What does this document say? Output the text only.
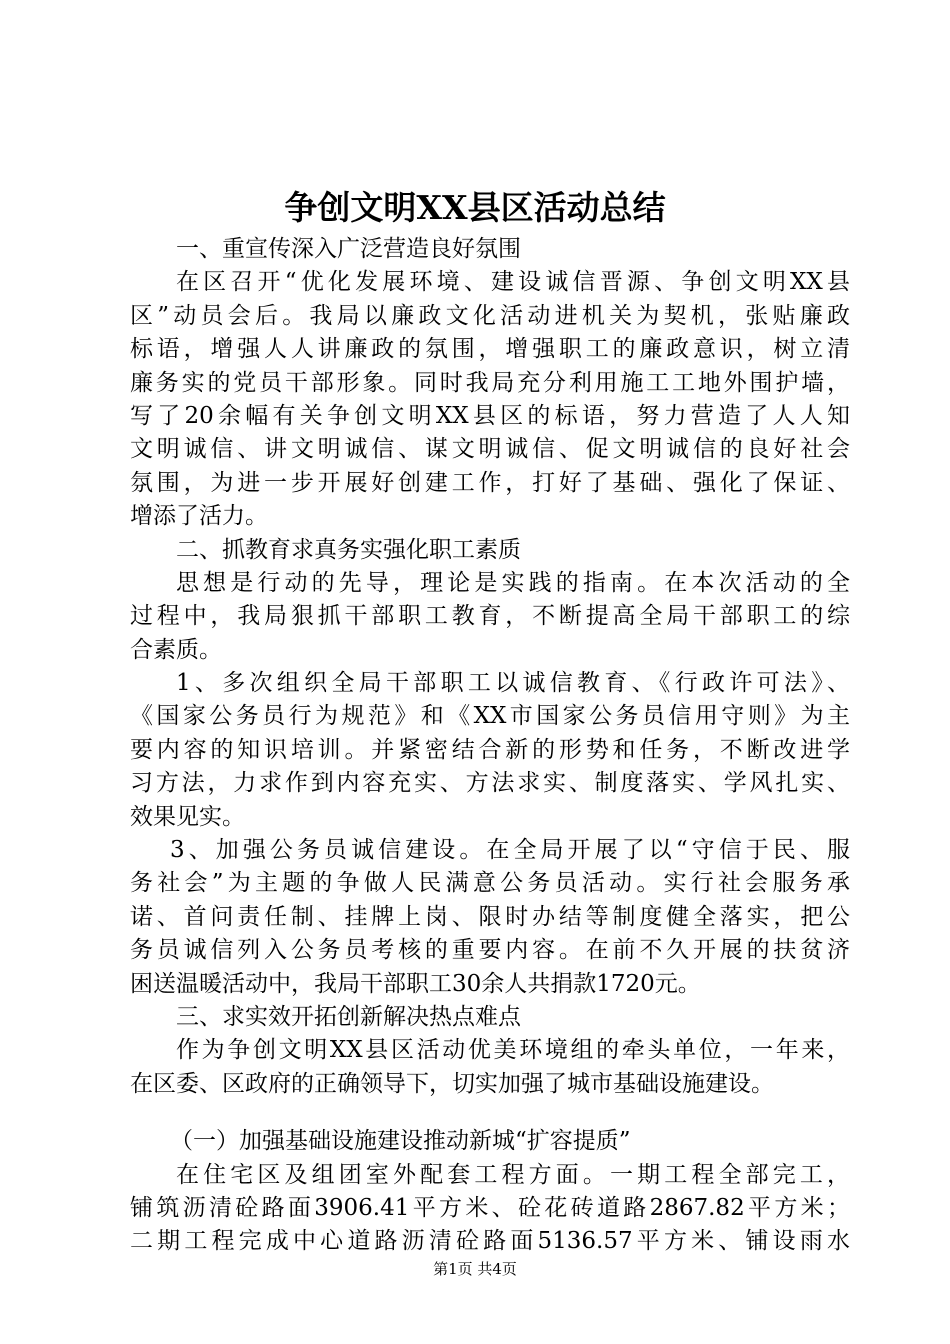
争创文明XX县区活动总结
一、重宣传深入广泛营造良好氛围
在区召开“优化发展环境、建设诚信晋源、争创文明XX县
区”动员会后。我局以廉政文化活动进机关为契机，张贴廉政
标语，增强人人讲廉政的氛围，增强职工的廉政意识，树立清
廉务实的党员干部形象。同时我局充分利用施工工地外围护墙，
写了20余幅有关争创文明XX县区的标语，努力营造了人人知
文明诚信、讲文明诚信、谋文明诚信、促文明诚信的良好社会
氛围，为进一步开展好创建工作，打好了基础、强化了保证、
增添了活力。
二、抓教育求真务实强化职工素质
思想是行动的先导，理论是实践的指南。在本次活动的全
过程中，我局狠抓干部职工教育，不断提高全局干部职工的综
合素质。
1、多次组织全局干部职工以诚信教育、《行政许可法》、
《国家公务员行为规范》和《XX市国家公务员信用守则》为主
要内容的知识培训。并紧密结合新的形势和任务，不断改进学
习方法，力求作到内容充实、方法求实、制度落实、学风扎实、
效果见实。
3、加强公务员诚信建设。在全局开展了以“守信于民、服
务社会”为主题的争做人民满意公务员活动。实行社会服务承
诺、首问责任制、挂牌上岗、限时办结等制度健全落实，把公
务员诚信列入公务员考核的重要内容。在前不久开展的扶贫济
困送温暖活动中，我局干部职工30余人共捐款1720元。
三、求实效开拓创新解决热点难点
作为争创文明XX县区活动优美环境组的牵头单位，一年来，
在区委、区政府的正确领导下，切实加强了城市基础设施建设。
（一）加强基础设施建设推动新城“扩容提质”
在住宅区及组团室外配套工程方面。一期工程全部完工，
铺筑沥清砼路面3906.41平方米、砼花砖道路2867.82平方米；
二期工程完成中心道路沥清砼路面5136.57平方米、铺设雨水
第1页 共4页
